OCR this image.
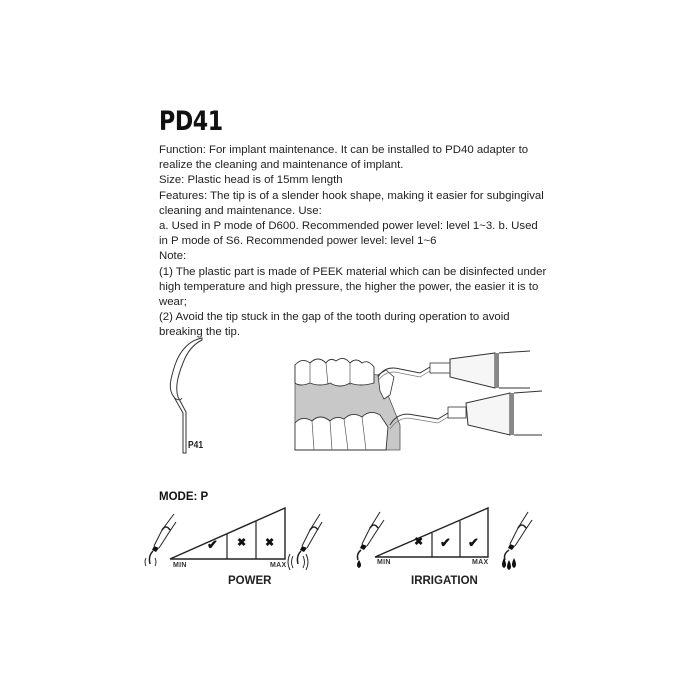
PD41

Function: For implant maintenance. It can be installed to PD40 adapter to realize the cleaning and maintenance of implant.

Size: Plastic head is of 15mm length

Features: The tip is of a slender hook shape, making it easier for subgingival cleaning and maintenance. Use:

a. Used in P mode of D600. Recommended power level: level 1~3. b. Used in P mode of S6. Recommended power level: level 1~6

Note:

(1) The plastic part is made of PEEK material which can be disinfected under high temperature and high pressure, the higher the power, the easier it is to wear;

(2) Avoid the tip stuck in the gap of the tooth during operation to avoid breaking the tip.

P41
MODE: P
✔ ✖ ✖
MIN	MAX
POWER
✖ ✔ ✔
MIN	MAX
IRRIGATION
